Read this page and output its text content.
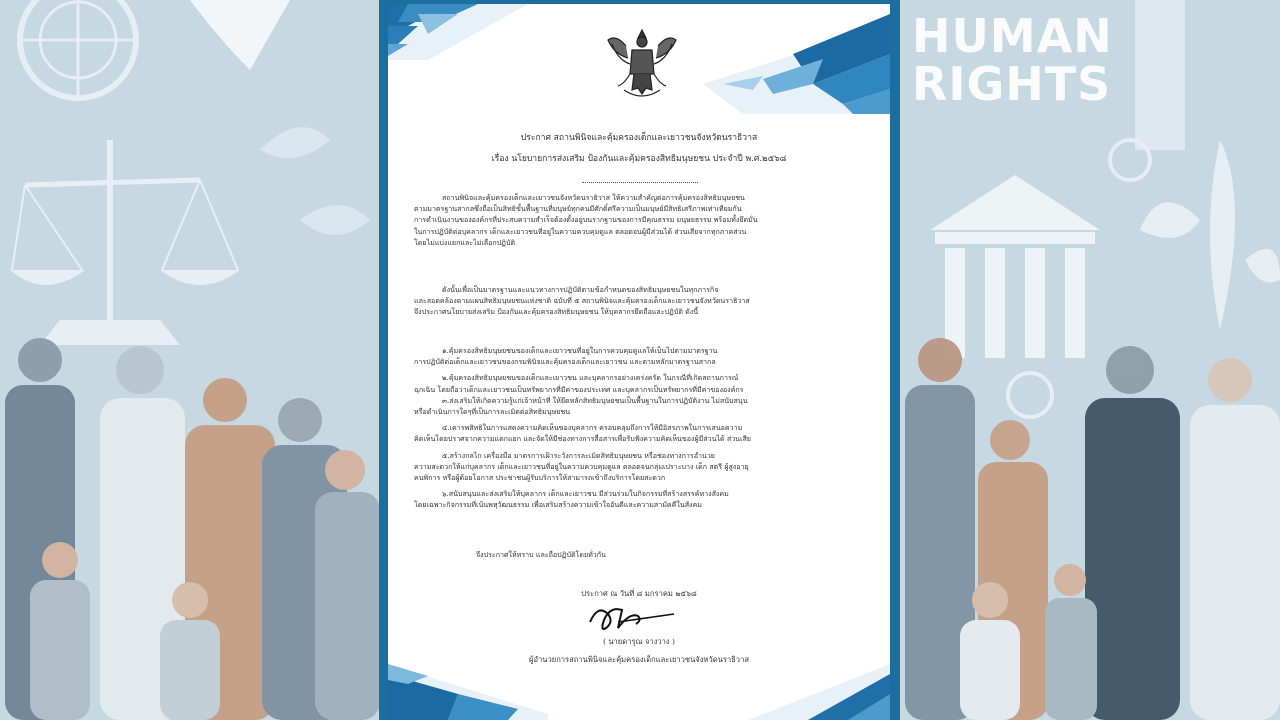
HUMAN
RIGHTS
ประกาศ สถานพินิจและคุ้มครองเด็กและเยาวชนจังหวัดนราธิวาส
เรื่อง นโยบายการส่งเสริม ป้องกันและคุ้มครองสิทธิมนุษยชน ประจำปี พ.ศ.๒๕๖๘
สถานพินิจและคุ้มครองเด็กและเยาวชนจังหวัดนราธิวาส ให้ความสำคัญต่อการคุ้มครองสิทธิมนุษยชน
ตามมาตรฐานสากลซึ่งถือเป็นสิทธิขั้นพื้นฐานที่มนุษย์ทุกคนมีศักดิ์ศรีความเป็นมนุษย์มีสิทธิเสรีภาพเท่าเทียมกัน
การดำเนินงานขององค์กรที่ประสบความสำเร็จต้องตั้งอยู่บนรากฐานของการมีคุณธรรม มนุษยธรรม พร้อมทั้งยึดมั่น
ในการปฏิบัติต่อบุคลากร เด็กและเยาวชนที่อยู่ในความควบคุมดูแล ตลอดจนผู้มีส่วนได้ ส่วนเสียจากทุกภาคส่วน
โดยไม่แบ่งแยกและไม่เลือกปฏิบัติ
ดังนั้นเพื่อเป็นมาตรฐานและแนวทางการปฏิบัติตามข้อกำหนดของสิทธิมนุษยชนในทุกภารกิจ
และสอดคล้องตามแผนสิทธิมนุษยชนแห่งชาติ ฉบับที่ ๕ สถานพินิจและคุ้มครองเด็กและเยาวชนจังหวัดนราธิวาส
จึงประกาศนโยบายส่งเสริม ป้องกันและคุ้มครองสิทธิมนุษยชน ให้บุคลากรยึดถือและปฏิบัติ ดังนี้
๑.คุ้มครองสิทธิมนุษยชนของเด็กและเยาวชนที่อยู่ในการควบคุมดูแลให้เป็นไปตามมาตรฐาน
การปฏิบัติต่อเด็กและเยาวชนของกรมพินิจและคุ้มครองเด็กและเยาวชน และตามหลักมาตรฐานสากล
๒.คุ้มครองสิทธิมนุษยชนของเด็กและเยาวชน และบุคลากรอย่างเคร่งครัด ในกรณีที่เกิดสถานการณ์
ฉุกเฉิน โดยถือว่าเด็กและเยาวชนเป็นทรัพยากรที่มีค่าของประเทศ และบุคลากรเป็นทรัพยากรที่มีค่าขององค์กร
๓.ส่งเสริมให้เกิดความรู้แก่เจ้าหน้าที่ ให้ยึดหลักสิทธิมนุษยชนเป็นพื้นฐานในการปฏิบัติงาน ไม่สนับสนุน
หรือดำเนินการใดๆที่เป็นการละเมิดต่อสิทธิมนุษยชน
๔.เคารพสิทธิในการแสดงความคิดเห็นของบุคลากร ครอบคลุมถึงการให้มีอิสรภาพในการเสนอความ
คิดเห็นโดยปราศจากความแตกแยก และจัดให้มีช่องทางการสื่อสารเพื่อรับฟังความคิดเห็นของผู้มีส่วนได้ ส่วนเสีย
๕.สร้างกลไก เครื่องมือ มาตรการเฝ้าระวังการละเมิดสิทธิมนุษยชน หรือช่องทางการอำนวย
ความสะดวกให้แก่บุคลากร เด็กและเยาวชนที่อยู่ในความควบคุมดูแล ตลอดจนกลุ่มเปราะบาง เด็ก สตรี ผู้สูงอายุ
คนพิการ หรือผู้ด้อยโอกาส ประชาชนผู้รับบริการให้สามารถเข้าถึงบริการโดยสะดวก
๖.สนับสนุนและส่งเสริมให้บุคลากร เด็กและเยาวชน มีส่วนร่วมในกิจกรรมที่สร้างสรรค์ทางสังคม
โดยเฉพาะกิจกรรมที่เน้นพหุวัฒนธรรม เพื่อเสริมสร้างความเข้าใจอันดีและความสามัคคีในสังคม
จึงประกาศให้ทราบ และถือปฏิบัติโดยทั่วกัน
ประกาศ ณ วันที่ ๘ มกราคม ๒๕๖๘
( นายดารุณ จางวาง )
ผู้อำนวยการสถานพินิจและคุ้มครองเด็กและเยาวชนจังหวัดนราธิวาส
